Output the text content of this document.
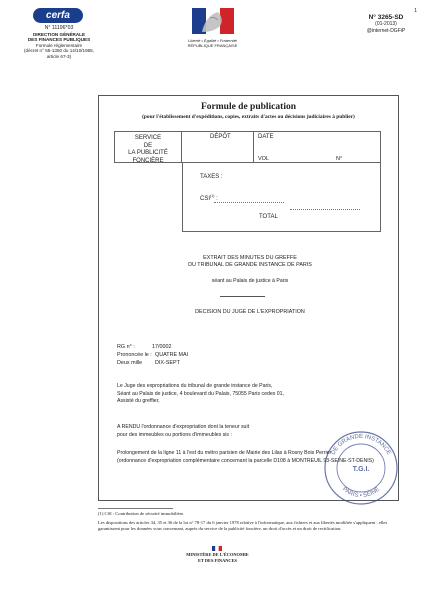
cerfa
N° 11196*03
DIRECTION GÉNÉRALE
DES FINANCES PUBLIQUES
Formule réglementaire
(décret n° 55-1350 du 14/10/1955,
article 67-3)
Liberté • Égalité • Fraternité
RÉPUBLIQUE FRANÇAISE
1
N° 3265-SD
(01-2013)
@internet-DGFiP
Formule de publication
(pour l'établissement d'expéditions, copies, extraits d'actes ou décisions judiciaires à publier)
SERVICE
DE
LA PUBLICITÉ FONCIÈRE
DÉPÔT	DATE
VOL	N°
TAXES :
CSI$^{(1)}$ :
TOTAL
EXTRAIT DES MINUTES DU GREFFE
DU TRIBUNAL DE GRANDE INSTANCE DE PARIS
séant au Palais de justice à Paris
DECISION DU JUGE DE L'EXPROPRIATION
RG n° :	17/0002
Prononcée le : QUATRE MAI
Deux mille DIX-SEPT
Le Juge des expropriations du tribunal de grande instance de Paris,
Séant au Palais de justice, 4 boulevard du Palais, 75055 Paris cedex 01,
Assisté du greffier,
A RENDU l'ordonnance d'expropriation dont la teneur suit
pour des immeubles ou portions d'immeubles sis :
Prolongement de la ligne 11 à l'est du métro parisien de Mairie des Lilas à Rosny Bois Perrier
(ordonnance d'expropriation complémentaire concernant la parcelle D108 à MONTREUIL 93-SEINE-ST-DENIS)
DE GRANDE INSTANCE
PARIS • SEINE
T.G.I.
(1) CSI : Contribution de sécurité immobilière.
Les dispositions des articles 34, 35 et 36 de la loi n° 78-17 du 6 janvier 1978 relative à l'informatique, aux fichiers et aux libertés modifiée s'appliquent : elles garantissent pour les données vous concernant, auprès du service de la publicité foncière, un droit d'accès et un droit de rectification.
MINISTÈRE DE L'ÉCONOMIE
ET DES FINANCES
